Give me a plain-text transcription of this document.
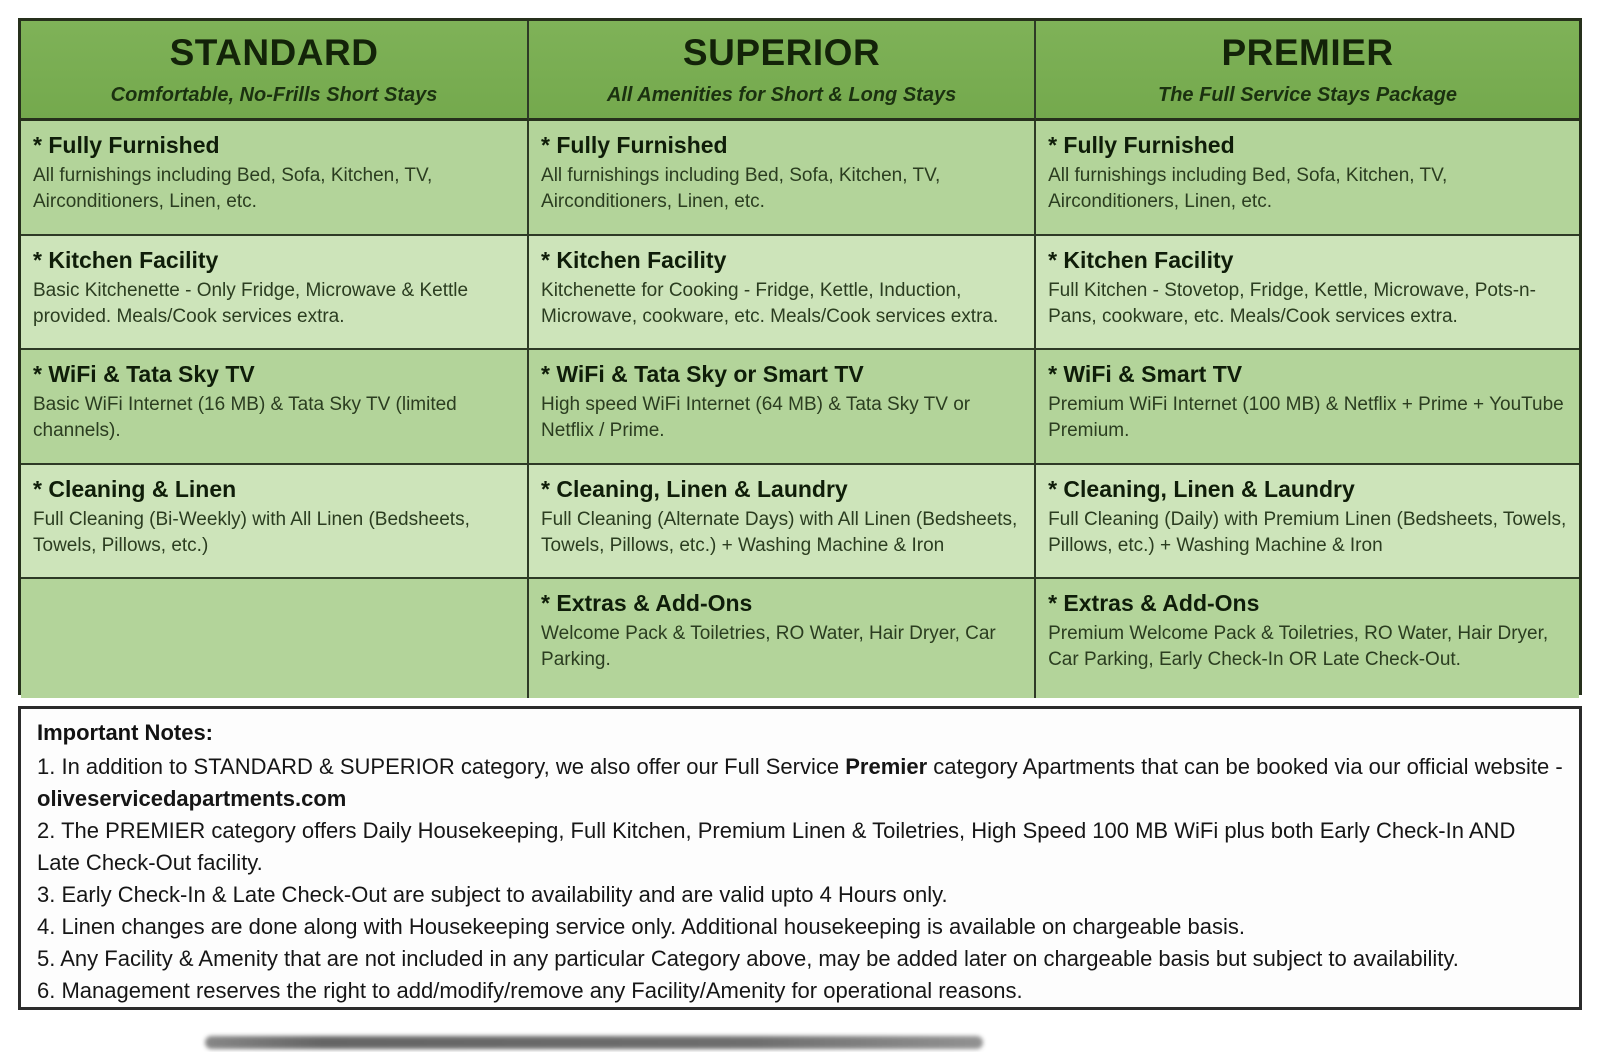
STANDARD
Comfortable, No-Frills Short Stays
SUPERIOR
All Amenities for Short & Long Stays
PREMIER
The Full Service Stays Package
* Fully Furnished
All furnishings including Bed, Sofa, Kitchen, TV, Airconditioners, Linen, etc.
* Fully Furnished
All furnishings including Bed, Sofa, Kitchen, TV, Airconditioners, Linen, etc.
* Fully Furnished
All furnishings including Bed, Sofa, Kitchen, TV, Airconditioners, Linen, etc.
* Kitchen Facility
Basic Kitchenette - Only Fridge, Microwave & Kettle provided. Meals/Cook services extra.
* Kitchen Facility
Kitchenette for Cooking - Fridge, Kettle, Induction, Microwave, cookware, etc. Meals/Cook services extra.
* Kitchen Facility
Full Kitchen - Stovetop, Fridge, Kettle, Microwave, Pots-n-Pans, cookware, etc. Meals/Cook services extra.
* WiFi & Tata Sky TV
Basic WiFi Internet (16 MB) & Tata Sky TV (limited channels).
* WiFi & Tata Sky or Smart TV
High speed WiFi Internet (64 MB) & Tata Sky TV or Netflix / Prime.
* WiFi & Smart TV
Premium WiFi Internet (100 MB) & Netflix + Prime + YouTube Premium.
* Cleaning & Linen
Full Cleaning (Bi-Weekly) with All Linen (Bedsheets, Towels, Pillows, etc.)
* Cleaning, Linen & Laundry
Full Cleaning (Alternate Days) with All Linen (Bedsheets, Towels, Pillows, etc.) + Washing Machine & Iron
* Cleaning, Linen & Laundry
Full Cleaning (Daily) with Premium Linen (Bedsheets, Towels, Pillows, etc.) + Washing Machine & Iron
* Extras & Add-Ons
Welcome Pack & Toiletries, RO Water, Hair Dryer, Car Parking.
* Extras & Add-Ons
Premium Welcome Pack & Toiletries, RO Water, Hair Dryer, Car Parking, Early Check-In OR Late Check-Out.

Important Notes:

1. In addition to STANDARD & SUPERIOR category, we also offer our Full Service Premier category Apartments that can be booked via our official website - oliveservicedapartments.com

2. The PREMIER category offers Daily Housekeeping, Full Kitchen, Premium Linen & Toiletries, High Speed 100 MB WiFi plus both Early Check-In AND Late Check-Out facility.

3. Early Check-In & Late Check-Out are subject to availability and are valid upto 4 Hours only.

4. Linen changes are done along with Housekeeping service only. Additional housekeeping is available on chargeable basis.

5. Any Facility & Amenity that are not included in any particular Category above, may be added later on chargeable basis but subject to availability.

6. Management reserves the right to add/modify/remove any Facility/Amenity for operational reasons.
